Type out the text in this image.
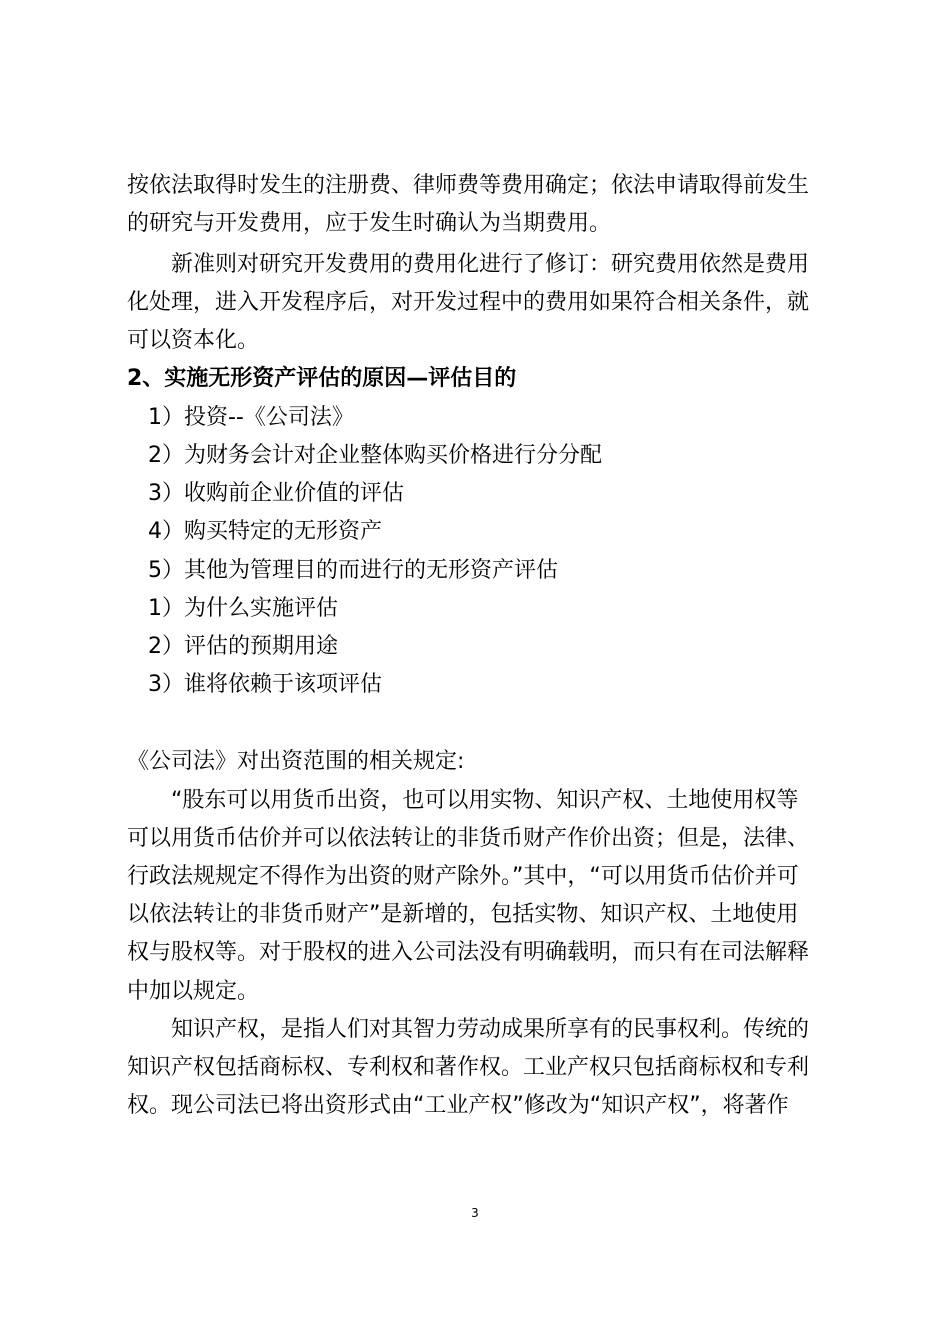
按依法取得时发生的注册费、律师费等费用确定；依法申请取得前发生
的研究与开发费用，应于发生时确认为当期费用。
新准则对研究开发费用的费用化进行了修订：研究费用依然是费用
化处理，进入开发程序后，对开发过程中的费用如果符合相关条件，就
可以资本化。
2、实施无形资产评估的原因—评估目的
1）投资--《公司法》
2）为财务会计对企业整体购买价格进行分分配
3）收购前企业价值的评估
4）购买特定的无形资产
5）其他为管理目的而进行的无形资产评估
1）为什么实施评估
2）评估的预期用途
3）谁将依赖于该项评估
《公司法》对出资范围的相关规定:
“股东可以用货币出资，也可以用实物、知识产权、土地使用权等
可以用货币估价并可以依法转让的非货币财产作价出资；但是，法律、
行政法规规定不得作为出资的财产除外。”其中，“可以用货币估价并可
以依法转让的非货币财产”是新增的，包括实物、知识产权、土地使用
权与股权等。对于股权的进入公司法没有明确载明，而只有在司法解释
中加以规定。
知识产权，是指人们对其智力劳动成果所享有的民事权利。传统的
知识产权包括商标权、专利权和著作权。工业产权只包括商标权和专利
权。现公司法已将出资形式由“工业产权”修改为“知识产权”，将著作
3
